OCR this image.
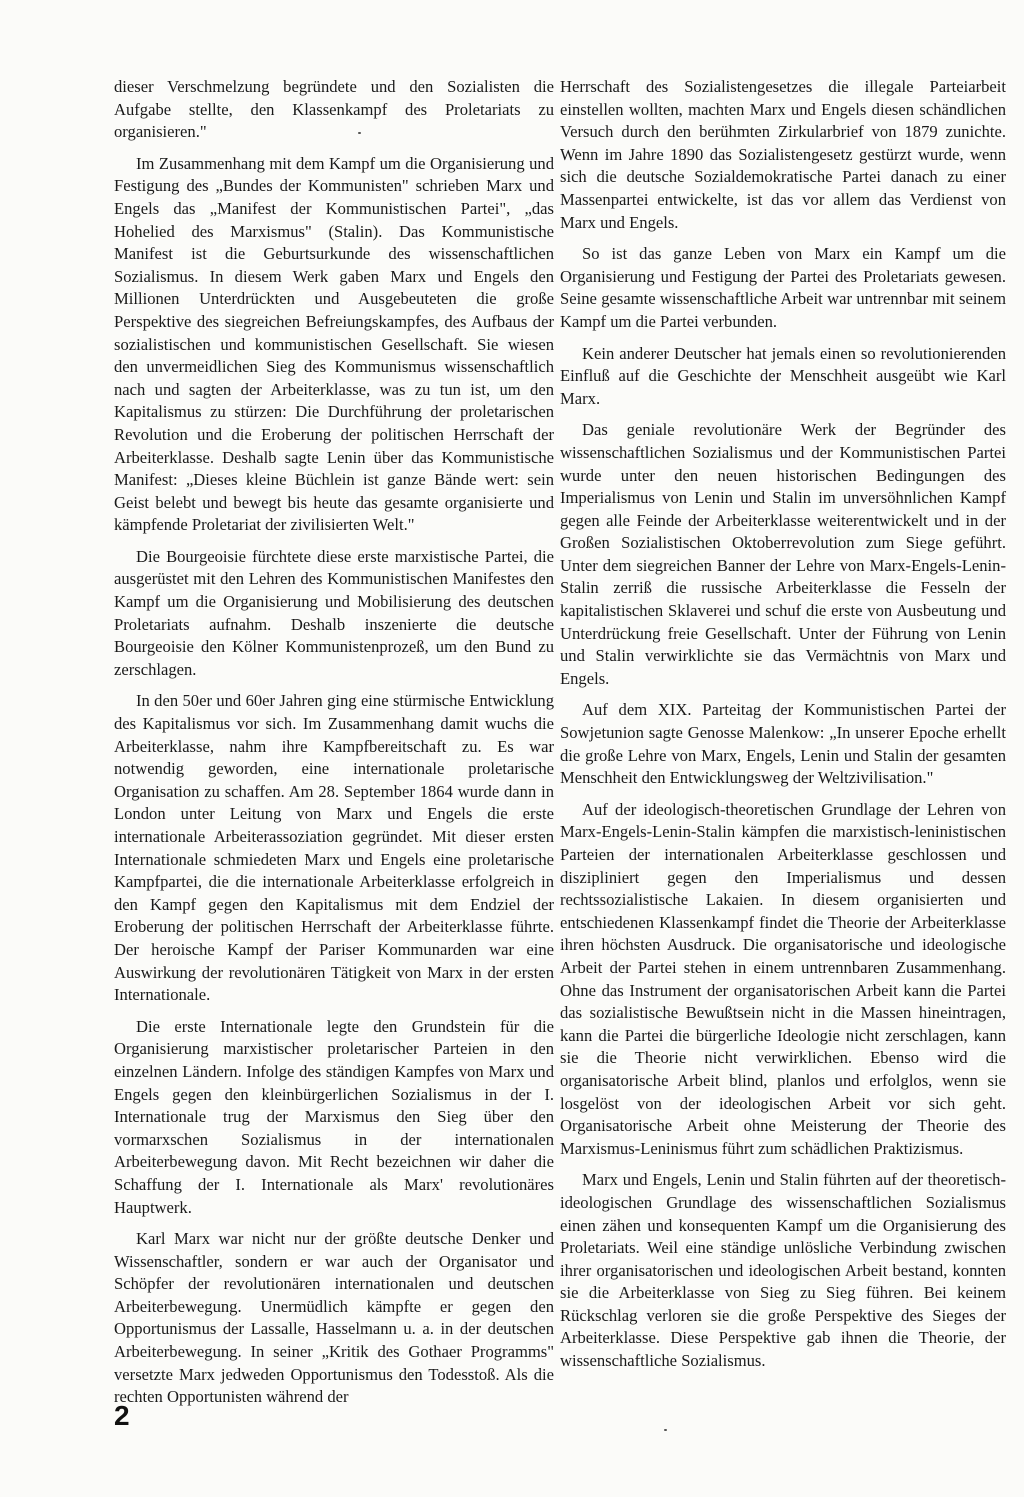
dieser Verschmelzung begründete und den Sozialisten die Aufgabe stellte, den Klassenkampf des Proletariats zu organisieren."

Im Zusammenhang mit dem Kampf um die Organisierung und Festigung des „Bundes der Kommunisten" schrieben Marx und Engels das „Manifest der Kommunistischen Partei", „das Hohelied des Marxismus" (Stalin). Das Kommunistische Manifest ist die Geburtsurkunde des wissenschaftlichen Sozialismus. In diesem Werk gaben Marx und Engels den Millionen Unterdrückten und Ausgebeuteten die große Perspektive des siegreichen Befreiungskampfes, des Aufbaus der sozialistischen und kommunistischen Gesellschaft. Sie wiesen den unvermeidlichen Sieg des Kommunismus wissenschaftlich nach und sagten der Arbeiterklasse, was zu tun ist, um den Kapitalismus zu stürzen: Die Durchführung der proletarischen Revolution und die Eroberung der politischen Herrschaft der Arbeiterklasse. Deshalb sagte Lenin über das Kommunistische Manifest: „Dieses kleine Büchlein ist ganze Bände wert: sein Geist belebt und bewegt bis heute das gesamte organisierte und kämpfende Proletariat der zivilisierten Welt."

Die Bourgeoisie fürchtete diese erste marxistische Partei, die ausgerüstet mit den Lehren des Kommunistischen Manifestes den Kampf um die Organisierung und Mobilisierung des deutschen Proletariats aufnahm. Deshalb inszenierte die deutsche Bourgeoisie den Kölner Kommunistenprozeß, um den Bund zu zerschlagen.

In den 50er und 60er Jahren ging eine stürmische Entwicklung des Kapitalismus vor sich. Im Zusammenhang damit wuchs die Arbeiterklasse, nahm ihre Kampfbereitschaft zu. Es war notwendig geworden, eine internationale proletarische Organisation zu schaffen. Am 28. September 1864 wurde dann in London unter Leitung von Marx und Engels die erste internationale Arbeiterassoziation gegründet. Mit dieser ersten Internationale schmiedeten Marx und Engels eine proletarische Kampfpartei, die die internationale Arbeiterklasse erfolgreich in den Kampf gegen den Kapitalismus mit dem Endziel der Eroberung der politischen Herrschaft der Arbeiterklasse führte. Der heroische Kampf der Pariser Kommunarden war eine Auswirkung der revolutionären Tätigkeit von Marx in der ersten Internationale.

Die erste Internationale legte den Grundstein für die Organisierung marxistischer proletarischer Parteien in den einzelnen Ländern. Infolge des ständigen Kampfes von Marx und Engels gegen den kleinbürgerlichen Sozialismus in der I. Internationale trug der Marxismus den Sieg über den vormarxschen Sozialismus in der internationalen Arbeiterbewegung davon. Mit Recht bezeichnen wir daher die Schaffung der I. Internationale als Marx' revolutionäres Hauptwerk.

Karl Marx war nicht nur der größte deutsche Denker und Wissenschaftler, sondern er war auch der Organisator und Schöpfer der revolutionären internationalen und deutschen Arbeiterbewegung. Unermüdlich kämpfte er gegen den Opportunismus der Lassalle, Hasselmann u. a. in der deutschen Arbeiterbewegung. In seiner „Kritik des Gothaer Programms" versetzte Marx jedweden Opportunismus den Todesstoß. Als die rechten Opportunisten während der

Herrschaft des Sozialistengesetzes die illegale Parteiarbeit einstellen wollten, machten Marx und Engels diesen schändlichen Versuch durch den berühmten Zirkularbrief von 1879 zunichte. Wenn im Jahre 1890 das Sozialistengesetz gestürzt wurde, wenn sich die deutsche Sozialdemokratische Partei danach zu einer Massenpartei entwickelte, ist das vor allem das Verdienst von Marx und Engels.

So ist das ganze Leben von Marx ein Kampf um die Organisierung und Festigung der Partei des Proletariats gewesen. Seine gesamte wissenschaftliche Arbeit war untrennbar mit seinem Kampf um die Partei verbunden.

Kein anderer Deutscher hat jemals einen so revolutionierenden Einfluß auf die Geschichte der Menschheit ausgeübt wie Karl Marx.

Das geniale revolutionäre Werk der Begründer des wissenschaftlichen Sozialismus und der Kommunistischen Partei wurde unter den neuen historischen Bedingungen des Imperialismus von Lenin und Stalin im unversöhnlichen Kampf gegen alle Feinde der Arbeiterklasse weiterentwickelt und in der Großen Sozialistischen Oktoberrevolution zum Siege geführt. Unter dem siegreichen Banner der Lehre von Marx-Engels-Lenin-Stalin zerriß die russische Arbeiterklasse die Fesseln der kapitalistischen Sklaverei und schuf die erste von Ausbeutung und Unterdrückung freie Gesellschaft. Unter der Führung von Lenin und Stalin verwirklichte sie das Vermächtnis von Marx und Engels.

Auf dem XIX. Parteitag der Kommunistischen Partei der Sowjetunion sagte Genosse Malenkow: „In unserer Epoche erhellt die große Lehre von Marx, Engels, Lenin und Stalin der gesamten Menschheit den Entwicklungsweg der Weltzivilisation."

Auf der ideologisch-theoretischen Grundlage der Lehren von Marx-Engels-Lenin-Stalin kämpfen die marxistisch-leninistischen Parteien der internationalen Arbeiterklasse geschlossen und diszipliniert gegen den Imperialismus und dessen rechtssozialistische Lakaien. In diesem organisierten und entschiedenen Klassenkampf findet die Theorie der Arbeiterklasse ihren höchsten Ausdruck. Die organisatorische und ideologische Arbeit der Partei stehen in einem untrennbaren Zusammenhang. Ohne das Instrument der organisatorischen Arbeit kann die Partei das sozialistische Bewußtsein nicht in die Massen hineintragen, kann die Partei die bürgerliche Ideologie nicht zerschlagen, kann sie die Theorie nicht verwirklichen. Ebenso wird die organisatorische Arbeit blind, planlos und erfolglos, wenn sie losgelöst von der ideologischen Arbeit vor sich geht. Organisatorische Arbeit ohne Meisterung der Theorie des Marxismus-Leninismus führt zum schädlichen Praktizismus.

Marx und Engels, Lenin und Stalin führten auf der theoretisch-ideologischen Grundlage des wissenschaftlichen Sozialismus einen zähen und konsequenten Kampf um die Organisierung des Proletariats. Weil eine ständige unlösliche Verbindung zwischen ihrer organisatorischen und ideologischen Arbeit bestand, konnten sie die Arbeiterklasse von Sieg zu Sieg führen. Bei keinem Rückschlag verloren sie die große Perspektive des Sieges der Arbeiterklasse. Diese Perspektive gab ihnen die Theorie, der wissenschaftliche Sozialismus.

2
